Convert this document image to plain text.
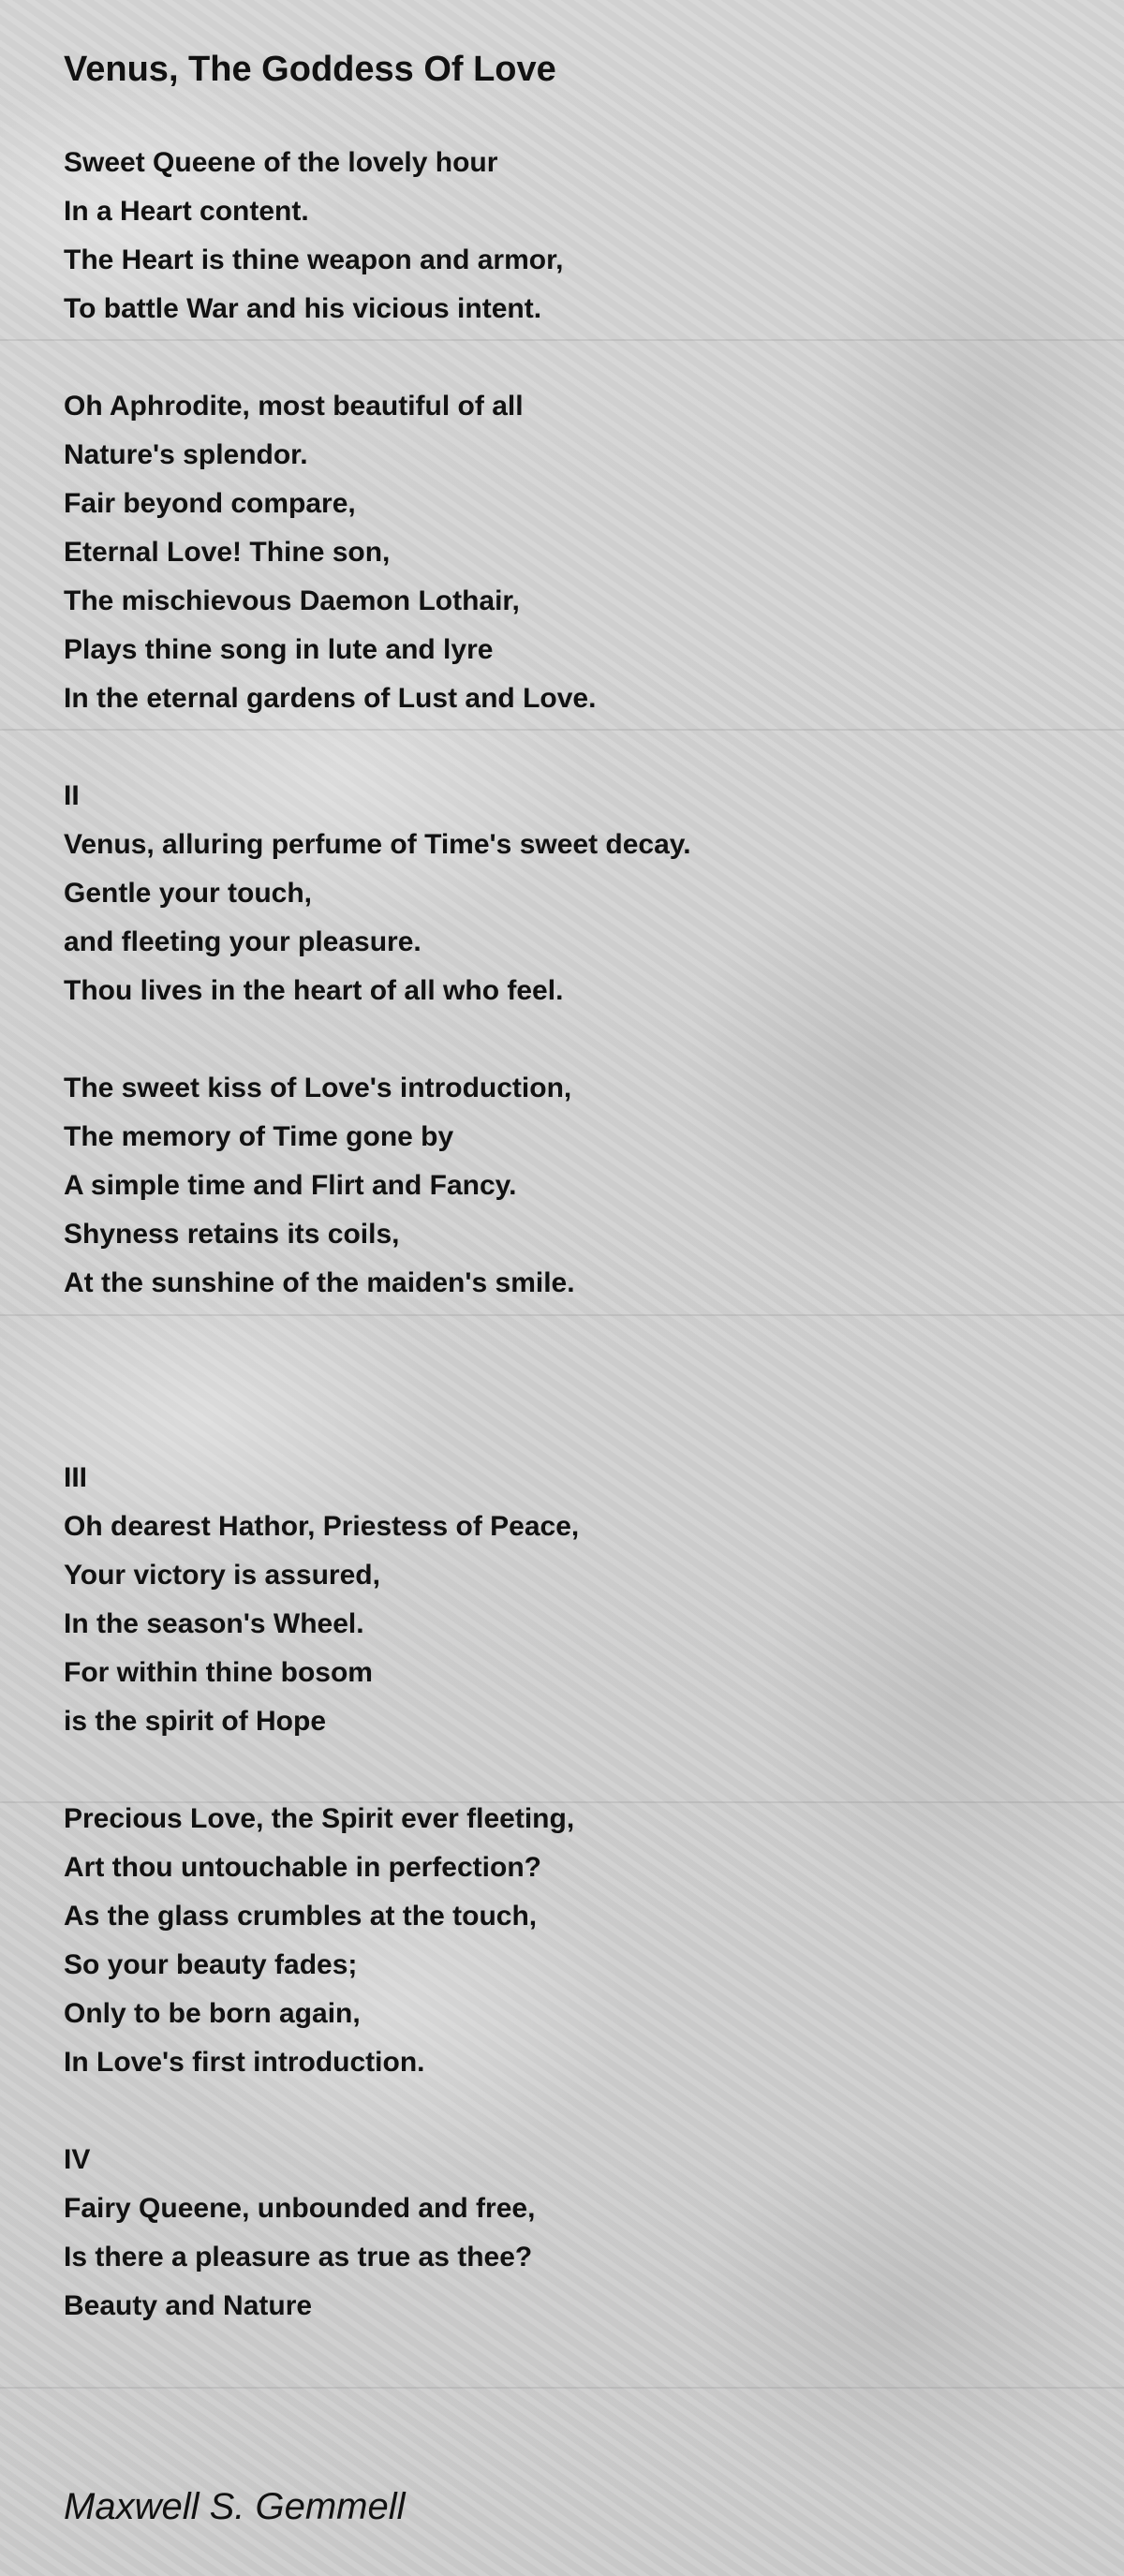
Venus, The Goddess Of Love
Sweet Queene of the lovely hour
In a Heart content.
The Heart is thine weapon and armor,
To battle War and his vicious intent.
Oh Aphrodite, most beautiful of all
Nature's splendor.
Fair beyond compare,
Eternal Love! Thine son,
The mischievous Daemon Lothair,
Plays thine song in lute and lyre
In the eternal gardens of Lust and Love.
II
Venus, alluring perfume of Time's sweet decay.
Gentle your touch,
and fleeting your pleasure.
Thou lives in the heart of all who feel.
The sweet kiss of Love's introduction,
The memory of Time gone by
A simple time and Flirt and Fancy.
Shyness retains its coils,
At the sunshine of the maiden's smile.
III
Oh dearest Hathor, Priestess of Peace,
Your victory is assured,
In the season's Wheel.
For within thine bosom
is the spirit of Hope
Precious Love, the Spirit ever fleeting,
Art thou untouchable in perfection?
As the glass crumbles at the touch,
So your beauty fades;
Only to be born again,
In Love's first introduction.
IV
Fairy Queene, unbounded and free,
Is there a pleasure as true as thee?
Beauty and Nature
Maxwell S. Gemmell
